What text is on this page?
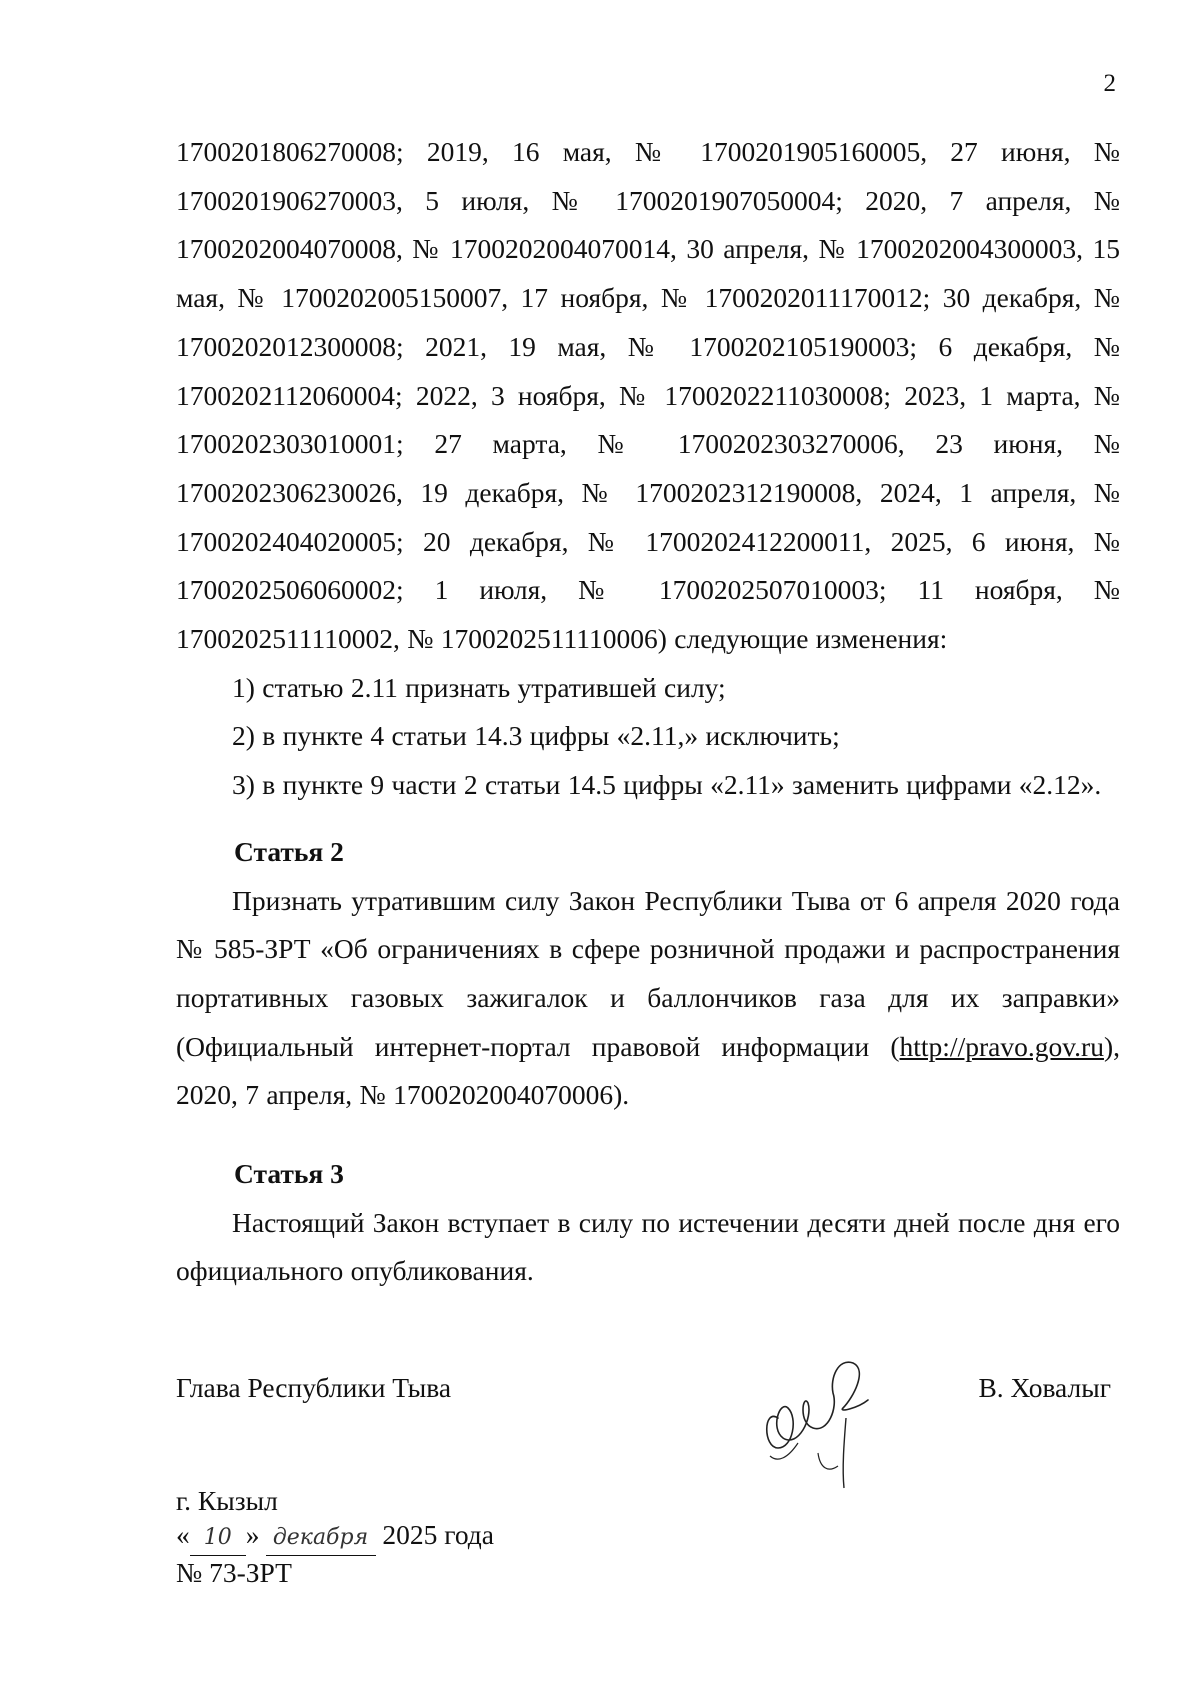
2

1700201806270008; 2019, 16 мая, № 1700201905160005, 27 июня, № 1700201906270003, 5 июля, № 1700201907050004; 2020, 7 апреля, № 1700202004070008, № 1700202004070014, 30 апреля, № 1700202004300003, 15 мая, № 1700202005150007, 17 ноября, № 1700202011170012; 30 декабря, № 1700202012300008; 2021, 19 мая, № 1700202105190003; 6 декабря, № 1700202112060004; 2022, 3 ноября, № 1700202211030008; 2023, 1 марта, № 1700202303010001; 27 марта, № 1700202303270006, 23 июня, № 1700202306230026, 19 декабря, № 1700202312190008, 2024, 1 апреля, № 1700202404020005; 20 декабря, № 1700202412200011, 2025, 6 июня, № 1700202506060002; 1 июля, № 1700202507010003; 11 ноября, № 1700202511110002, № 1700202511110006) следующие изменения:

1) статью 2.11 признать утратившей силу;

2) в пункте 4 статьи 14.3 цифры «2.11,» исключить;

3) в пункте 9 части 2 статьи 14.5 цифры «2.11» заменить цифрами «2.12».

Статья 2

Признать утратившим силу Закон Республики Тыва от 6 апреля 2020 года № 585-ЗРТ «Об ограничениях в сфере розничной продажи и распространения портативных газовых зажигалок и баллончиков газа для их заправки» (Официальный интернет-портал правовой информации (http://pravo.gov.ru), 2020, 7 апреля, № 1700202004070006).

Статья 3

Настоящий Закон вступает в силу по истечении десяти дней после дня его официального опубликования.

Глава Республики Тыва	В. Ховалыг
г. Кызыл
« 10 » декабря 2025 года
№ 73-ЗРТ
